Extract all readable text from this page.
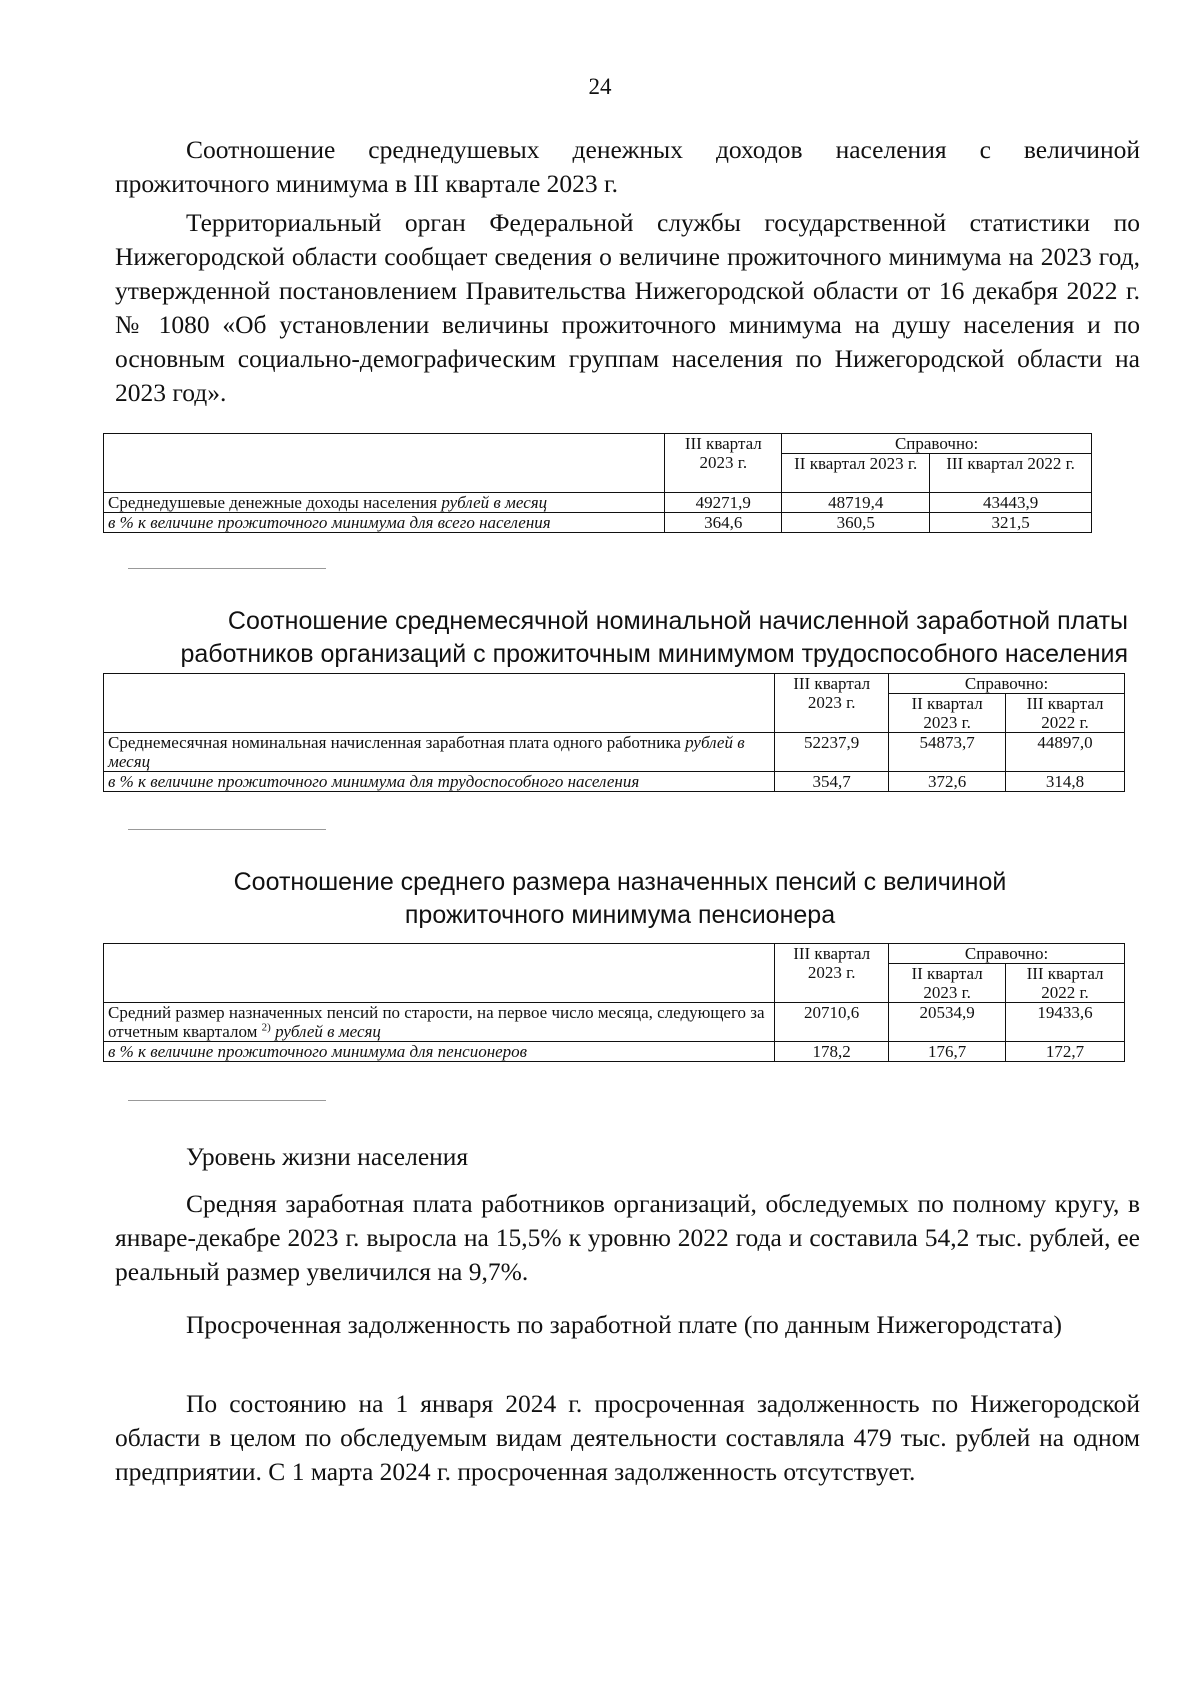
24

Соотношение среднедушевых денежных доходов населения с величиной прожиточного минимума в III квартале 2023 г.

Территориальный орган Федеральной службы государственной статистики по Нижегородской области сообщает сведения о величине прожиточного минимума на 2023 год, утвержденной постановлением Правительства Нижегородской области от 16 декабря 2022 г. № 1080 «Об установлении величины прожиточного минимума на душу населения и по основным социально-демографическим группам населения по Нижегородской области на 2023 год».

	III квартал 2023 г.	Справочно:	
		II квартал 2023 г.	III квартал 2022 г.
Среднедушевые денежные доходы населения рублей в месяц	49271,9	48719,4	43443,9
в % к величине прожиточного минимума для всего населения	364,6	360,5	321,5

Соотношение среднемесячной номинальной начисленной заработной платы работников организаций с прожиточным минимумом трудоспособного населения

	III квартал 2023 г.	Справочно:	
		II квартал 2023 г.	III квартал 2022 г.
Среднемесячная номинальная начисленная заработная плата одного работника рублей в месяц	52237,9	54873,7	44897,0
в % к величине прожиточного минимума для трудоспособного населения	354,7	372,6	314,8

Соотношение среднего размера назначенных пенсий с величиной

прожиточного минимума пенсионера

	III квартал 2023 г.	Справочно:	
		II квартал 2023 г.	III квартал 2022 г.
Средний размер назначенных пенсий по старости, на первое число месяца, следующего за отчетным кварталом $^{2)}$ рублей в месяц	20710,6	20534,9	19433,6
в % к величине прожиточного минимума для пенсионеров	178,2	176,7	172,7

Уровень жизни населения

Средняя заработная плата работников организаций, обследуемых по полному кругу, в январе-декабре 2023 г. выросла на 15,5% к уровню 2022 года и составила 54,2 тыс. рублей, ее реальный размер увеличился на 9,7%.

Просроченная задолженность по заработной плате (по данным Нижегородстата)

По состоянию на 1 января 2024 г. просроченная задолженность по Нижегородской области в целом по обследуемым видам деятельности составляла 479 тыс. рублей на одном предприятии. С 1 марта 2024 г. просроченная задолженность отсутствует.
